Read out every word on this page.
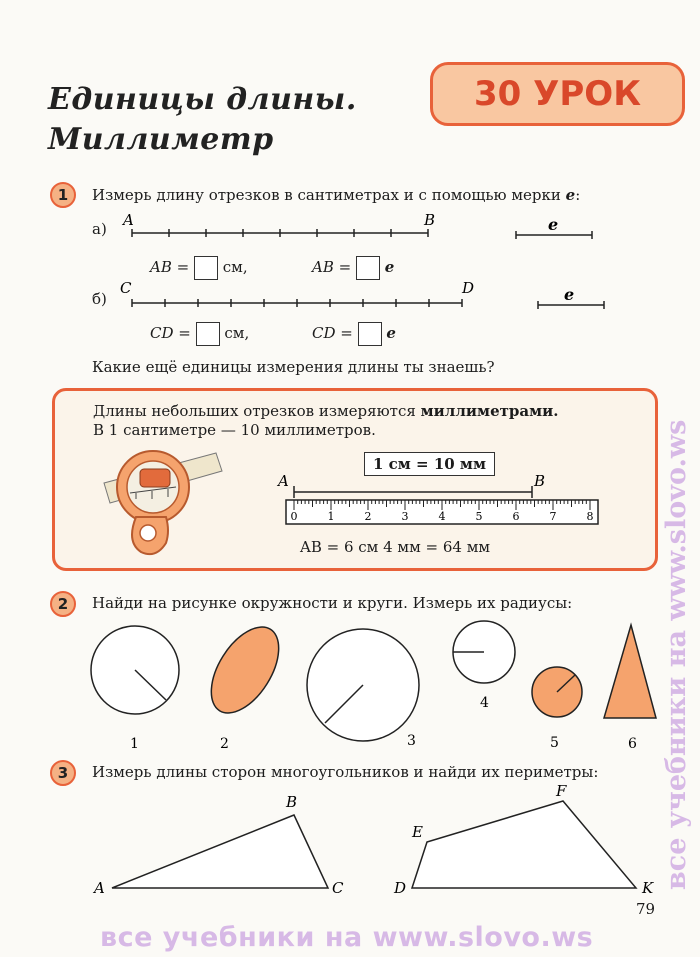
Единицы длины.
Миллиметр
30 УРОК
1	Измерь длину отрезков в сантиметрах и с помощью мерки e:
а) A	B	e
AB =  см,	AB =  e
б)
C	D	e
CD =  см,	CD =  e
Какие ещё единицы измерения длины ты знаешь?
Длины небольших отрезков измеряются миллиметрами.
В 1 сантиметре — 10 миллиметров.
1 см = 10 мм
A	B
0	1	2	3	4	5	6	7	8
AB = 6 см 4 мм = 64 мм
2	Найди на рисунке окружности и круги. Измерь их радиусы:
1	2	3
4
5	6
3	Измерь длины сторон многоугольников и найди их периметры:
A
B
C	D
E
F
K
79
все учебники на www.slovo.ws
все учебники на www.slovo.ws
